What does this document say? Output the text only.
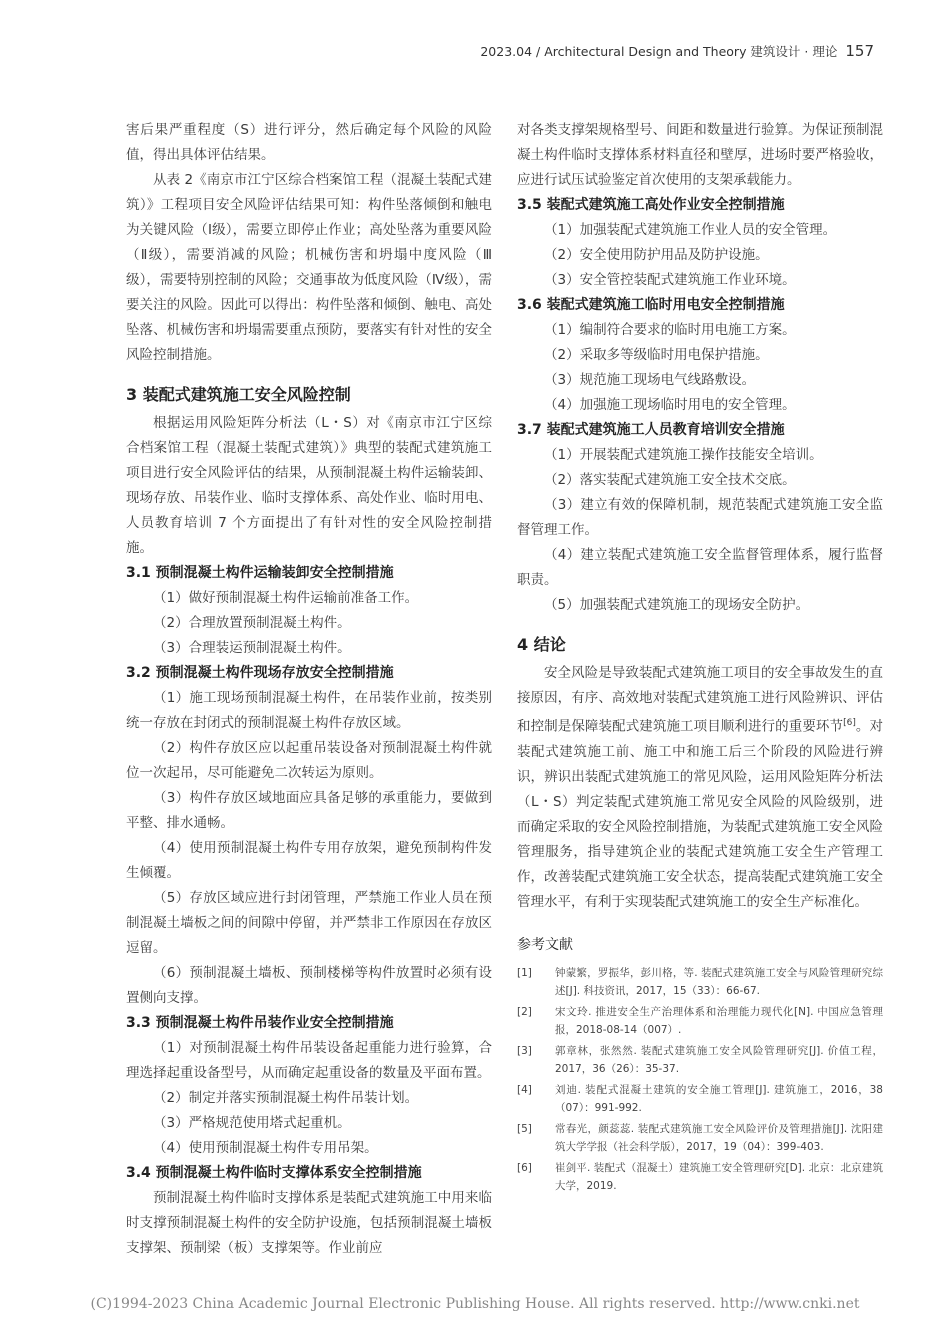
2023.04 / Architectural Design and Theory 建筑设计 · 理论 157

害后果严重程度（S）进行评分，然后确定每个风险的风险值，得出具体评估结果。

从表 2《南京市江宁区综合档案馆工程（混凝土装配式建筑）》工程项目安全风险评估结果可知：构件坠落倾倒和触电为关键风险（Ⅰ级），需要立即停止作业；高处坠落为重要风险（Ⅱ级），需要消减的风险；机械伤害和坍塌中度风险（Ⅲ级），需要特别控制的风险；交通事故为低度风险（Ⅳ级），需要关注的风险。因此可以得出：构件坠落和倾倒、触电、高处坠落、机械伤害和坍塌需要重点预防，要落实有针对性的安全风险控制措施。

3 装配式建筑施工安全风险控制

根据运用风险矩阵分析法（L・S）对《南京市江宁区综合档案馆工程（混凝土装配式建筑）》典型的装配式建筑施工项目进行安全风险评估的结果，从预制混凝土构件运输装卸、现场存放、吊装作业、临时支撑体系、高处作业、临时用电、人员教育培训 7 个方面提出了有针对性的安全风险控制措施。

3.1 预制混凝土构件运输装卸安全控制措施

（1）做好预制混凝土构件运输前准备工作。

（2）合理放置预制混凝土构件。

（3）合理装运预制混凝土构件。

3.2 预制混凝土构件现场存放安全控制措施

（1）施工现场预制混凝土构件，在吊装作业前，按类别统一存放在封闭式的预制混凝土构件存放区域。

（2）构件存放区应以起重吊装设备对预制混凝土构件就位一次起吊，尽可能避免二次转运为原则。

（3）构件存放区域地面应具备足够的承重能力，要做到平整、排水通畅。

（4）使用预制混凝土构件专用存放架，避免预制构件发生倾覆。

（5）存放区域应进行封闭管理，严禁施工作业人员在预制混凝土墙板之间的间隙中停留，并严禁非工作原因在存放区逗留。

（6）预制混凝土墙板、预制楼梯等构件放置时必须有设置侧向支撑。

3.3 预制混凝土构件吊装作业安全控制措施

（1）对预制混凝土构件吊装设备起重能力进行验算，合理选择起重设备型号，从而确定起重设备的数量及平面布置。

（2）制定并落实预制混凝土构件吊装计划。

（3）严格规范使用塔式起重机。

（4）使用预制混凝土构件专用吊架。

3.4 预制混凝土构件临时支撑体系安全控制措施

预制混凝土构件临时支撑体系是装配式建筑施工中用来临时支撑预制混凝土构件的安全防护设施，包括预制混凝土墙板支撑架、预制梁（板）支撑架等。作业前应

对各类支撑架规格型号、间距和数量进行验算。为保证预制混凝土构件临时支撑体系材料直径和壁厚，进场时要严格验收，应进行试压试验鉴定首次使用的支架承载能力。

3.5 装配式建筑施工高处作业安全控制措施

（1）加强装配式建筑施工作业人员的安全管理。

（2）安全使用防护用品及防护设施。

（3）安全管控装配式建筑施工作业环境。

3.6 装配式建筑施工临时用电安全控制措施

（1）编制符合要求的临时用电施工方案。

（2）采取多等级临时用电保护措施。

（3）规范施工现场电气线路敷设。

（4）加强施工现场临时用电的安全管理。

3.7 装配式建筑施工人员教育培训安全措施

（1）开展装配式建筑施工操作技能安全培训。

（2）落实装配式建筑施工安全技术交底。

（3）建立有效的保障机制，规范装配式建筑施工安全监督管理工作。

（4）建立装配式建筑施工安全监督管理体系，履行监督职责。

（5）加强装配式建筑施工的现场安全防护。

4 结论

安全风险是导致装配式建筑施工项目的安全事故发生的直接原因，有序、高效地对装配式建筑施工进行风险辨识、评估和控制是保障装配式建筑施工项目顺利进行的重要环节[6]。对装配式建筑施工前、施工中和施工后三个阶段的风险进行辨识，辨识出装配式建筑施工的常见风险，运用风险矩阵分析法（L・S）判定装配式建筑施工常见安全风险的风险级别，进而确定采取的安全风险控制措施，为装配式建筑施工安全风险管理服务，指导建筑企业的装配式建筑施工安全生产管理工作，改善装配式建筑施工安全状态，提高装配式建筑施工安全管理水平，有利于实现装配式建筑施工的安全生产标准化。

参考文献
[1]	钟蒙繁，罗振华，彭川格，等. 装配式建筑施工安全与风险管理研究综述[J]. 科技资讯，2017，15（33）：66-67.
[2]	宋文玲. 推进安全生产治理体系和治理能力现代化[N]. 中国应急管理报，2018-08-14（007）.
[3]	郭章林，张然然. 装配式建筑施工安全风险管理研究[J]. 价值工程，2017，36（26）：35-37.
[4]	刘迪. 装配式混凝土建筑的安全施工管理[J]. 建筑施工，2016，38（07）：991-992.
[5]	常春光，颜蕊蕊. 装配式建筑施工安全风险评价及管理措施[J]. 沈阳建筑大学学报（社会科学版），2017，19（04）：399-403.
[6]	崔剑平. 装配式（混凝土）建筑施工安全管理研究[D]. 北京：北京建筑大学，2019.
(C)1994-2023 China Academic Journal Electronic Publishing House. All rights reserved. http://www.cnki.net
